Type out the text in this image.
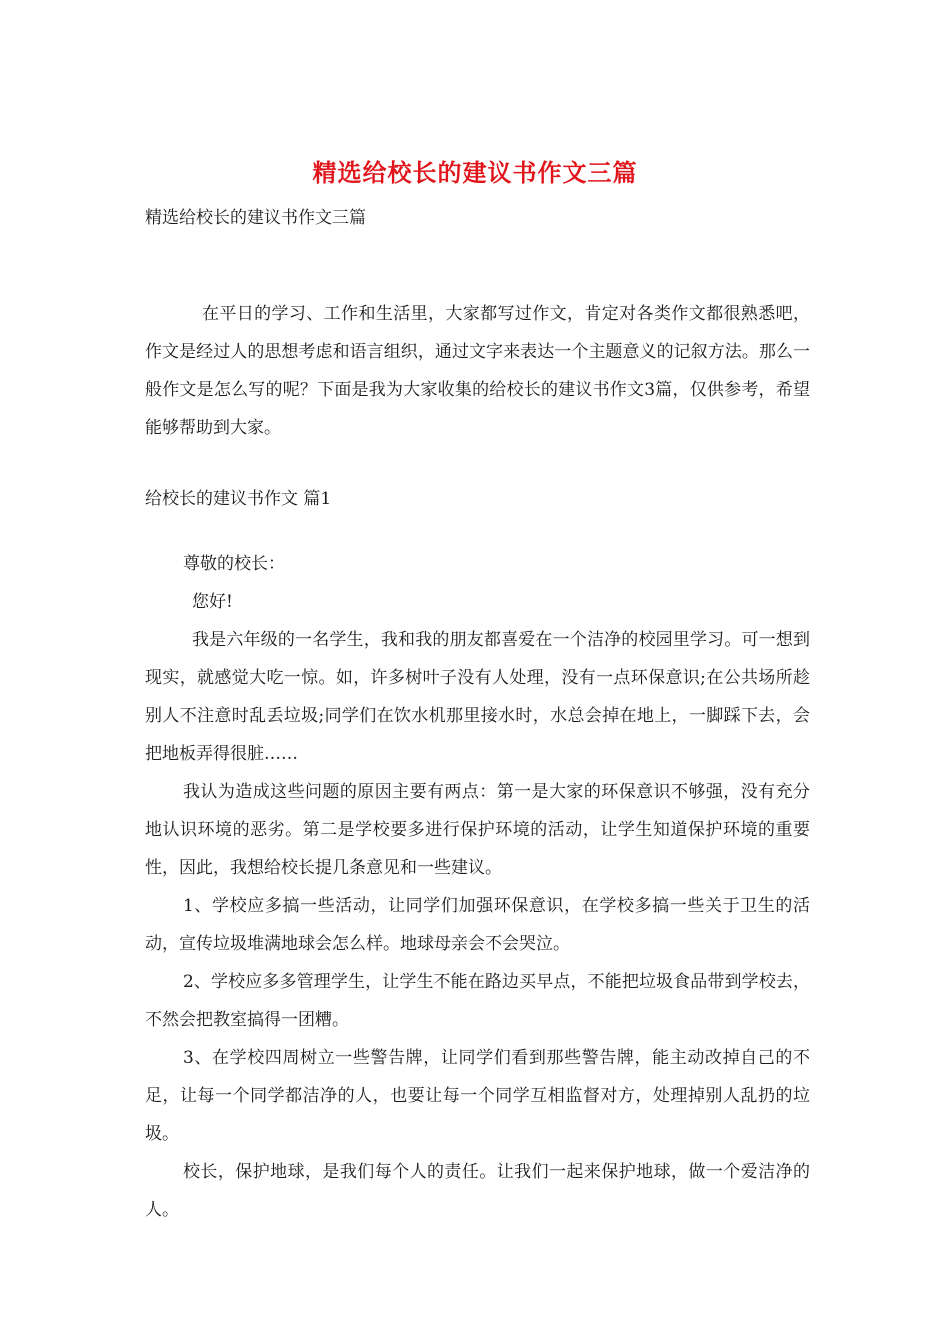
精选给校长的建议书作文三篇
精选给校长的建议书作文三篇

在平日的学习、工作和生活里，大家都写过作文，肯定对各类作文都很熟悉吧，作文是经过人的思想考虑和语言组织，通过文字来表达一个主题意义的记叙方法。那么一般作文是怎么写的呢？下面是我为大家收集的给校长的建议书作文3篇，仅供参考，希望能够帮助到大家。

给校长的建议书作文 篇1

尊敬的校长：

您好!

我是六年级的一名学生，我和我的朋友都喜爱在一个洁净的校园里学习。可一想到现实，就感觉大吃一惊。如，许多树叶子没有人处理，没有一点环保意识;在公共场所趁别人不注意时乱丢垃圾;同学们在饮水机那里接水时，水总会掉在地上，一脚踩下去，会把地板弄得很脏……

我认为造成这些问题的原因主要有两点：第一是大家的环保意识不够强，没有充分地认识环境的恶劣。第二是学校要多进行保护环境的活动，让学生知道保护环境的重要性，因此，我想给校长提几条意见和一些建议。

1、学校应多搞一些活动，让同学们加强环保意识，在学校多搞一些关于卫生的活动，宣传垃圾堆满地球会怎么样。地球母亲会不会哭泣。

2、学校应多多管理学生，让学生不能在路边买早点，不能把垃圾食品带到学校去，不然会把教室搞得一团糟。

3、在学校四周树立一些警告牌，让同学们看到那些警告牌，能主动改掉自己的不足，让每一个同学都洁净的人，也要让每一个同学互相监督对方，处理掉别人乱扔的垃圾。

校长，保护地球，是我们每个人的责任。让我们一起来保护地球，做一个爱洁净的人。
